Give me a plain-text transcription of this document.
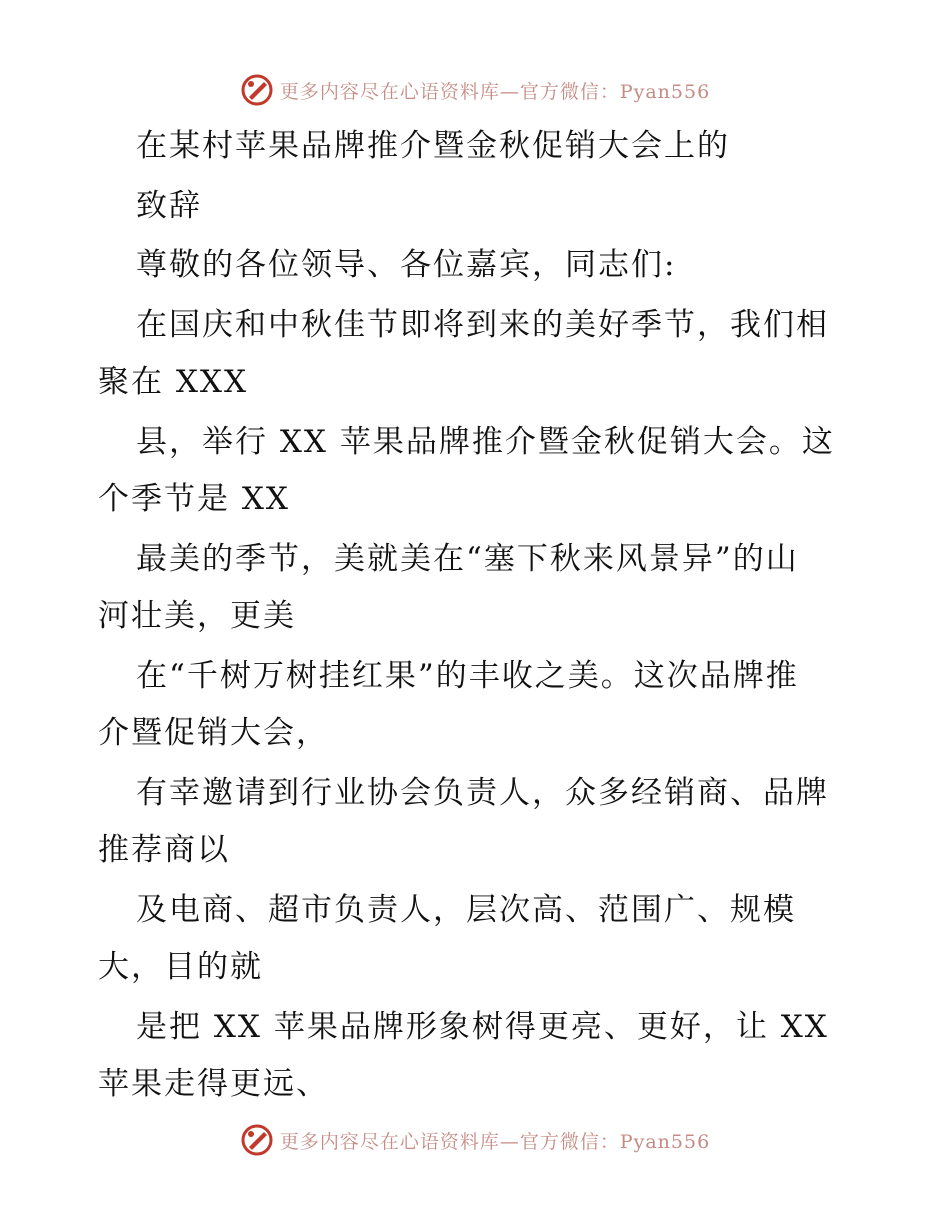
更多内容尽在心语资料库—官方微信：Pyan556
在某村苹果品牌推介暨金秋促销大会上的
致辞
尊敬的各位领导、各位嘉宾，同志们:
在国庆和中秋佳节即将到来的美好季节，我们相
聚在 XXX
县，举行 XX 苹果品牌推介暨金秋促销大会。这
个季节是 XX
最美的季节，美就美在“塞下秋来风景异”的山
河壮美，更美
在“千树万树挂红果”的丰收之美。这次品牌推
介暨促销大会，
有幸邀请到行业协会负责人，众多经销商、品牌
推荐商以
及电商、超市负责人，层次高、范围广、规模
大，目的就
是把 XX 苹果品牌形象树得更亮、更好，让 XX
苹果走得更远、
更多内容尽在心语资料库—官方微信：Pyan556
